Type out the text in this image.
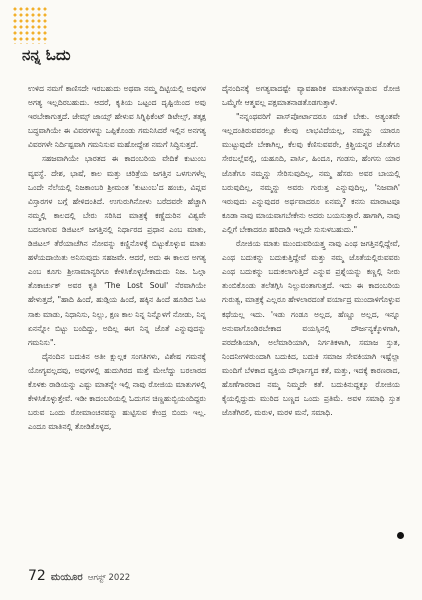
ನನ್ನ ಓದು

ಉಳಿದ ನಮಗೆ ಕಾಣಿಸದೇ ಇರಬಹುದು ಅಥವಾ ನಮ್ಮ ದಿಟ್ಟಿಯಲ್ಲಿ ಅವುಗಳ ಅಗತ್ಯ ಇಲ್ಲದಿರಬಹುದು. ಆದರೆ, ಕೃತಿಯ ಒಟ್ಟಂದ ದೃಷ್ಟಿಯಿಂದ ಅವು ಇರಬೇಕಾಗುತ್ತದೆ. ಜೇಮ್ಸ್ ಜಾಯ್ಸ್ ಹೇಳುವ ಸಿಗ್ನಿಫಿಕೆಂಟ್ ಡಿಟೇಲ್ಸ್, ತತ್ಕಕ್ಷ ಬದ್ಧವಾಗಿಯೇ ಈ ವಿವರಗಳನ್ನು ಒಪ್ಪಿಕೊಂಡು ಗಮನಿಸಿದರೆ ಇಲ್ಲಿನ ಅನಗತ್ಯ ವಿವರಗಳೇ ನಿರ್ದಿಷ್ಟವಾಗಿ ಗಮನಿಸುವ ಮಹೋದ್ದೇಶ ನಮಗೆ ಸಿದ್ಧಿಸುತ್ತದೆ.

ಸಹಜವಾಗಿಯೇ ಭಾರತದ ಈ ಕಾದಂಬರಿಯ ವೇದಿಕೆ ಕುಟುಂಬ ವ್ಯವಸ್ಥೆ. ದೇಶ, ಭಾಷೆ, ಕಾಲ ಮತ್ತು ಚರಿತ್ರೆಯ ಜಗತ್ತಿನ ಒಳಗುಗಳೆಲ್ಲ ಒಂದೇ ನೆಲೆಯಲ್ಲಿ ನಿಜಕಾಂಬರಿ ಶ್ರೀಮಂತ 'ಕುಟುಂಬ'ದ ಹಂಚು, ವಿಪ್ಲವ ವಿಸ್ತಾರಗಳ ಬಗ್ಗೆ ಹೇಳಿದಂತಿದೆ. ಉಗುರುಗಿನೋಳು ಬರೆದವರೇ ಹೆಚ್ಚಾಗಿ ನಮ್ಮಲ್ಲಿ ಕಾಲದಲ್ಲಿ ಬೇರು ಸರಿಸಿದ ಮಾತ್ರಕ್ಕೆ ಕಣ್ಣೆದುರಿನ ವಿಶ್ವವೇ ಬದಲಾಗುವ ಡಿಜಿಟಲ್ ಜಗತ್ತಿನಲ್ಲಿ ನಿರ್ಧಾರದ ಪ್ರಧಾನ ಎಂಬ ಮಾತು, ಡಿಜಿಟಲ್ ತೆರೆಯಾಚೆಗಿನ ನೋವನ್ನು ಕಣ್ಣಿನೊಳಕ್ಕೆ ಬಿಟ್ಟುಕೊಳ್ಳುವ ಮಾತು ಹಳೆಯದಾಯಿತು ಅನಿಸುವುದು ಸಹಜವೇ. ಆದರೆ, ಅದು ಈ ಕಾಲದ ಅಗತ್ಯ ಎಂಬ ಕೂಗು ಶ್ರೀಸಾಮಾನ್ಯರಿಗೂ ಕೇಳಿಸಿಕೊಳ್ಳಬೇಕಾದುದು ನಿಜ. ಓಲ್ಗಾ ತೊಕಾರ್ಚುಕ್ ಅವರ ಕೃತಿ 'The Lost Soul' ನೆರವಾಗಿಯೇ ಹೇಳುತ್ತದೆ, "ಹಾದಿ ಹಿಂದೆ, ಹುಡ್ಗಿಯ ಹಿಂದೆ, ಹಕ್ಕಿನ ಹಿಂದೆ ಹೂಡಿದ ಓಟ ಸಾಕು ಮಾಡು, ನಿಧಾನಿಸು, ನಿಲ್ಲು, ಕ್ಷಣ ಕಾಲ ನಿನ್ನ ನಿನ್ನೊಳಗೆ ನೋಡು, ನಿನ್ನ ಏನನ್ನೋ ಬಿಟ್ಟು ಬಂದಿದ್ದು, ಅದಿಲ್ಲ ಈಗ ನಿನ್ನ ಜೊತೆ ಎನ್ನುವುದನ್ನು ಗಮನಿಸು".

ದೈನಂದಿನ ಬದುಕಿನ ಅತೀ ಕ್ಷುಲ್ಲಕ ಸಂಗತಿಗಳು, ವಿಶೇಷ ಗಮನಕ್ಕೆ ಯೋಗ್ಯವಲ್ಲದವು, ಅವುಗಳಲ್ಲಿ ಹುದುಗಿರದ ಮತ್ತೆ ಮೇಲೆದ್ದು ಬರಲಾರದ ಕೊಳಕು ರಾಡಿಯನ್ನು ಎಷ್ಟು ಮಾತನ್ನೇ ಇಲ್ಲಿ ನಾವು ರೋಜಿಯ ಮಾತುಗಳಲ್ಲಿ ಕೇಳಿಸಿಕೊಳ್ಳುತ್ತೇವೆ. ಇಡೀ ಕಾದಂಬರಿಯಲ್ಲಿ ಓದುಗನ ಚಿಣ್ಣಹುಬ್ಬಿಯಂದಿದ್ದರು ಬರುವ ಒಂದು ರೋಮಾಂಚನವನ್ನು ಹುಟ್ಟಿಸುವ ಕೇಂದ್ರ ಬಿಂದು ಇಲ್ಲ. ಎಂದೂ ಮಾತಿನಲ್ಲಿ ತೋಡಿಕೊಳ್ಳದ,

ದೈನಂದಿನಕ್ಕೆ ಅಗತ್ಯವಾದಷ್ಟೇ ವ್ಯಾವಹಾರಿಕ ಮಾತುಗಳನ್ನಾಡುವ ರೋಜಿ ಒಮ್ಮೆಗೇ ಆತ್ಮವಲ್ಲ ಪಕ್ಷಮಾತನಾಡತೊಡಗುತ್ತಾಳೆ.

"ನನ್ನಂಥವರಿಗೆ ಪಾಸ್‌ಪೋರ್ಟಾದರೂ ಯಾಕೆ ಬೇಕು. ಅತ್ಯಂತವೇ ಇಲ್ಲದಂತಿರುವವರಲ್ಲೂ ಕೆಲವು ಲಾಭವಿದೆಯಲ್ಲ, ನಮ್ಮನ್ನು ಯಾರೂ ಮುಟ್ಟುವುದೇ ಬೇಕಾಗಿಲ್ಲ, ಕೆಲವು ಕೆಣಿಸುವವರೇ, ಕ್ರಿಶ್ಚಿಯನ್ನರ ಜೊತೆಗೂ ಸೇರಬಲ್ಲೆವಲ್ಲಿ, ಯಹೂದಿ, ಪಾರ್ಸಿ, ಹಿಂದೂ, ಗಂಡಸು, ಹೆಂಗಸು ಯಾರ ಜೊತೆಗೂ ನಮ್ಮನ್ನು ಸೇರಿಸುವುದಿಲ್ಲ, ನಮ್ಮ ಹೆಸರು ಅವರ ಬಾಯಲ್ಲಿ ಬರುವುದಿಲ್ಲ, ನಮ್ಮನ್ನು ಅವರು ಗುರುತ್ತ ಎನ್ನುವುದಿಲ್ಲ, 'ನಿಜವಾಗಿ' ಇರುವುದು ಎನ್ನುವುದರ ಅರ್ಥವಾದರೂ ಏನಮ್ಮ? ಕನಸು ಮಾರಾಟವೂ ಕೂಡಾ ನಾವು ಮಾಯವಾಗಬೇಕೇನು ಅದರು ಬಯಸುತ್ತಾರೆ. ಹಾಗಾಗಿ, ನಾವು ಎಲ್ಲಿಗೆ ಬೇಕಾದರೂ ಹರಿದಾಡಿ ಇಲ್ಲದೇ ಸುಸುಳಬಹುದು."

ರೋಜಿಯ ಮಾತು ಮುಂದುವರಿಯತ್ತ್ತ ನಾವು ಎಂಥ ಜಗತ್ತಿನಲ್ಲಿದ್ದೇವೆ, ಎಂಥ ಬದುಕನ್ನು ಬದುಕುತ್ತಿದ್ದೇವೆ ಮತ್ತು ನಮ್ಮ ಜೊತೆಯಲ್ಲಿರುವವರು ಎಂಥ ಬದುಕನ್ನು ಬದುಕಲಾಗುತ್ತಿದೆ ಎನ್ನುವ ಪ್ರಶ್ನೆಯನ್ನು ಕಣ್ಣಲ್ಲಿ ನೀರು ತುಂಬಿಕೊಂಡು ತಲೆತಗ್ಗಿಸಿ ನಿಲ್ಲುವಂತಾಗುತ್ತದೆ. ಇದು ಈ ಕಾದಂಬರಿಯ ಗುರುತ್ವ, ಮಾತ್ರಕ್ಕೆ ಎಲ್ಲರೂ ಹೇಳಲಾರದಂತೆ ವರ್ಯಾದ್ರ ಮುಂದಾಳಿಗೊಳ್ಳುವ ಕಥೆಯಲ್ಲ ಇದು. 'ಇಡು ಗಂಡೂ ಅಲ್ಲದ, ಹೆಣ್ಣೂ ಅಲ್ಲದ, ಇನ್ನೂ ಅನುವಾಗೊಂಡಿರಬೇಕಾದ ವಯಸ್ಸಿನಲ್ಲಿ ದೌರ್ಜನ್ಯಕ್ಕೊಳಗಾಗಿ, ಪರದೇಶಿಯಾಗಿ, ಅಲೆಮಾರಿಯಾಗಿ, ನಿರ್ಗತಿಕಳಾಗಿ, ಸಮಾಜ ಸ್ತುತ, ನಿಂದನೀಗಳಿರುಂದಾಗಿ ಬದುಕಿದ, ಬದುಕಿ ಸಮಾಜ ಸೇವಕಿಯಾಗಿ ಇಷ್ಟೆಲ್ಲಾ ಮಂದಿಗೆ ಬೆಳಕಾದ ವ್ಯಕ್ತಿಯ ದೌರ್ಭಾಗ್ಯದ ಕತೆ, ಮತ್ತು, ಇದಕ್ಕೆ ಕಾರಣರಾದ, ಹೊಣೆಗಾರರಾದ ನಮ್ಮ ನಿಮ್ಮದೇ ಕತೆ. ಬದುಕಿನುದ್ದಕ್ಕೂ ರೋಜಿಯ ಕೈಯಲ್ಲಿದ್ದುದು ಮುರಿದ ಬಣ್ಣದ ಒಂದು ಪ್ರತಿಮೆ. ಅವಳ ಸಮಾಧಿ ಸ್ತುತ ಜೊತೆಗಿರಲಿ, ಮರುಳ, ಮರಳ ಮನೆ, ಸಮಾಧಿ.

72 ಮಯೂರ ಆಗಸ್ಟ್ 2022
